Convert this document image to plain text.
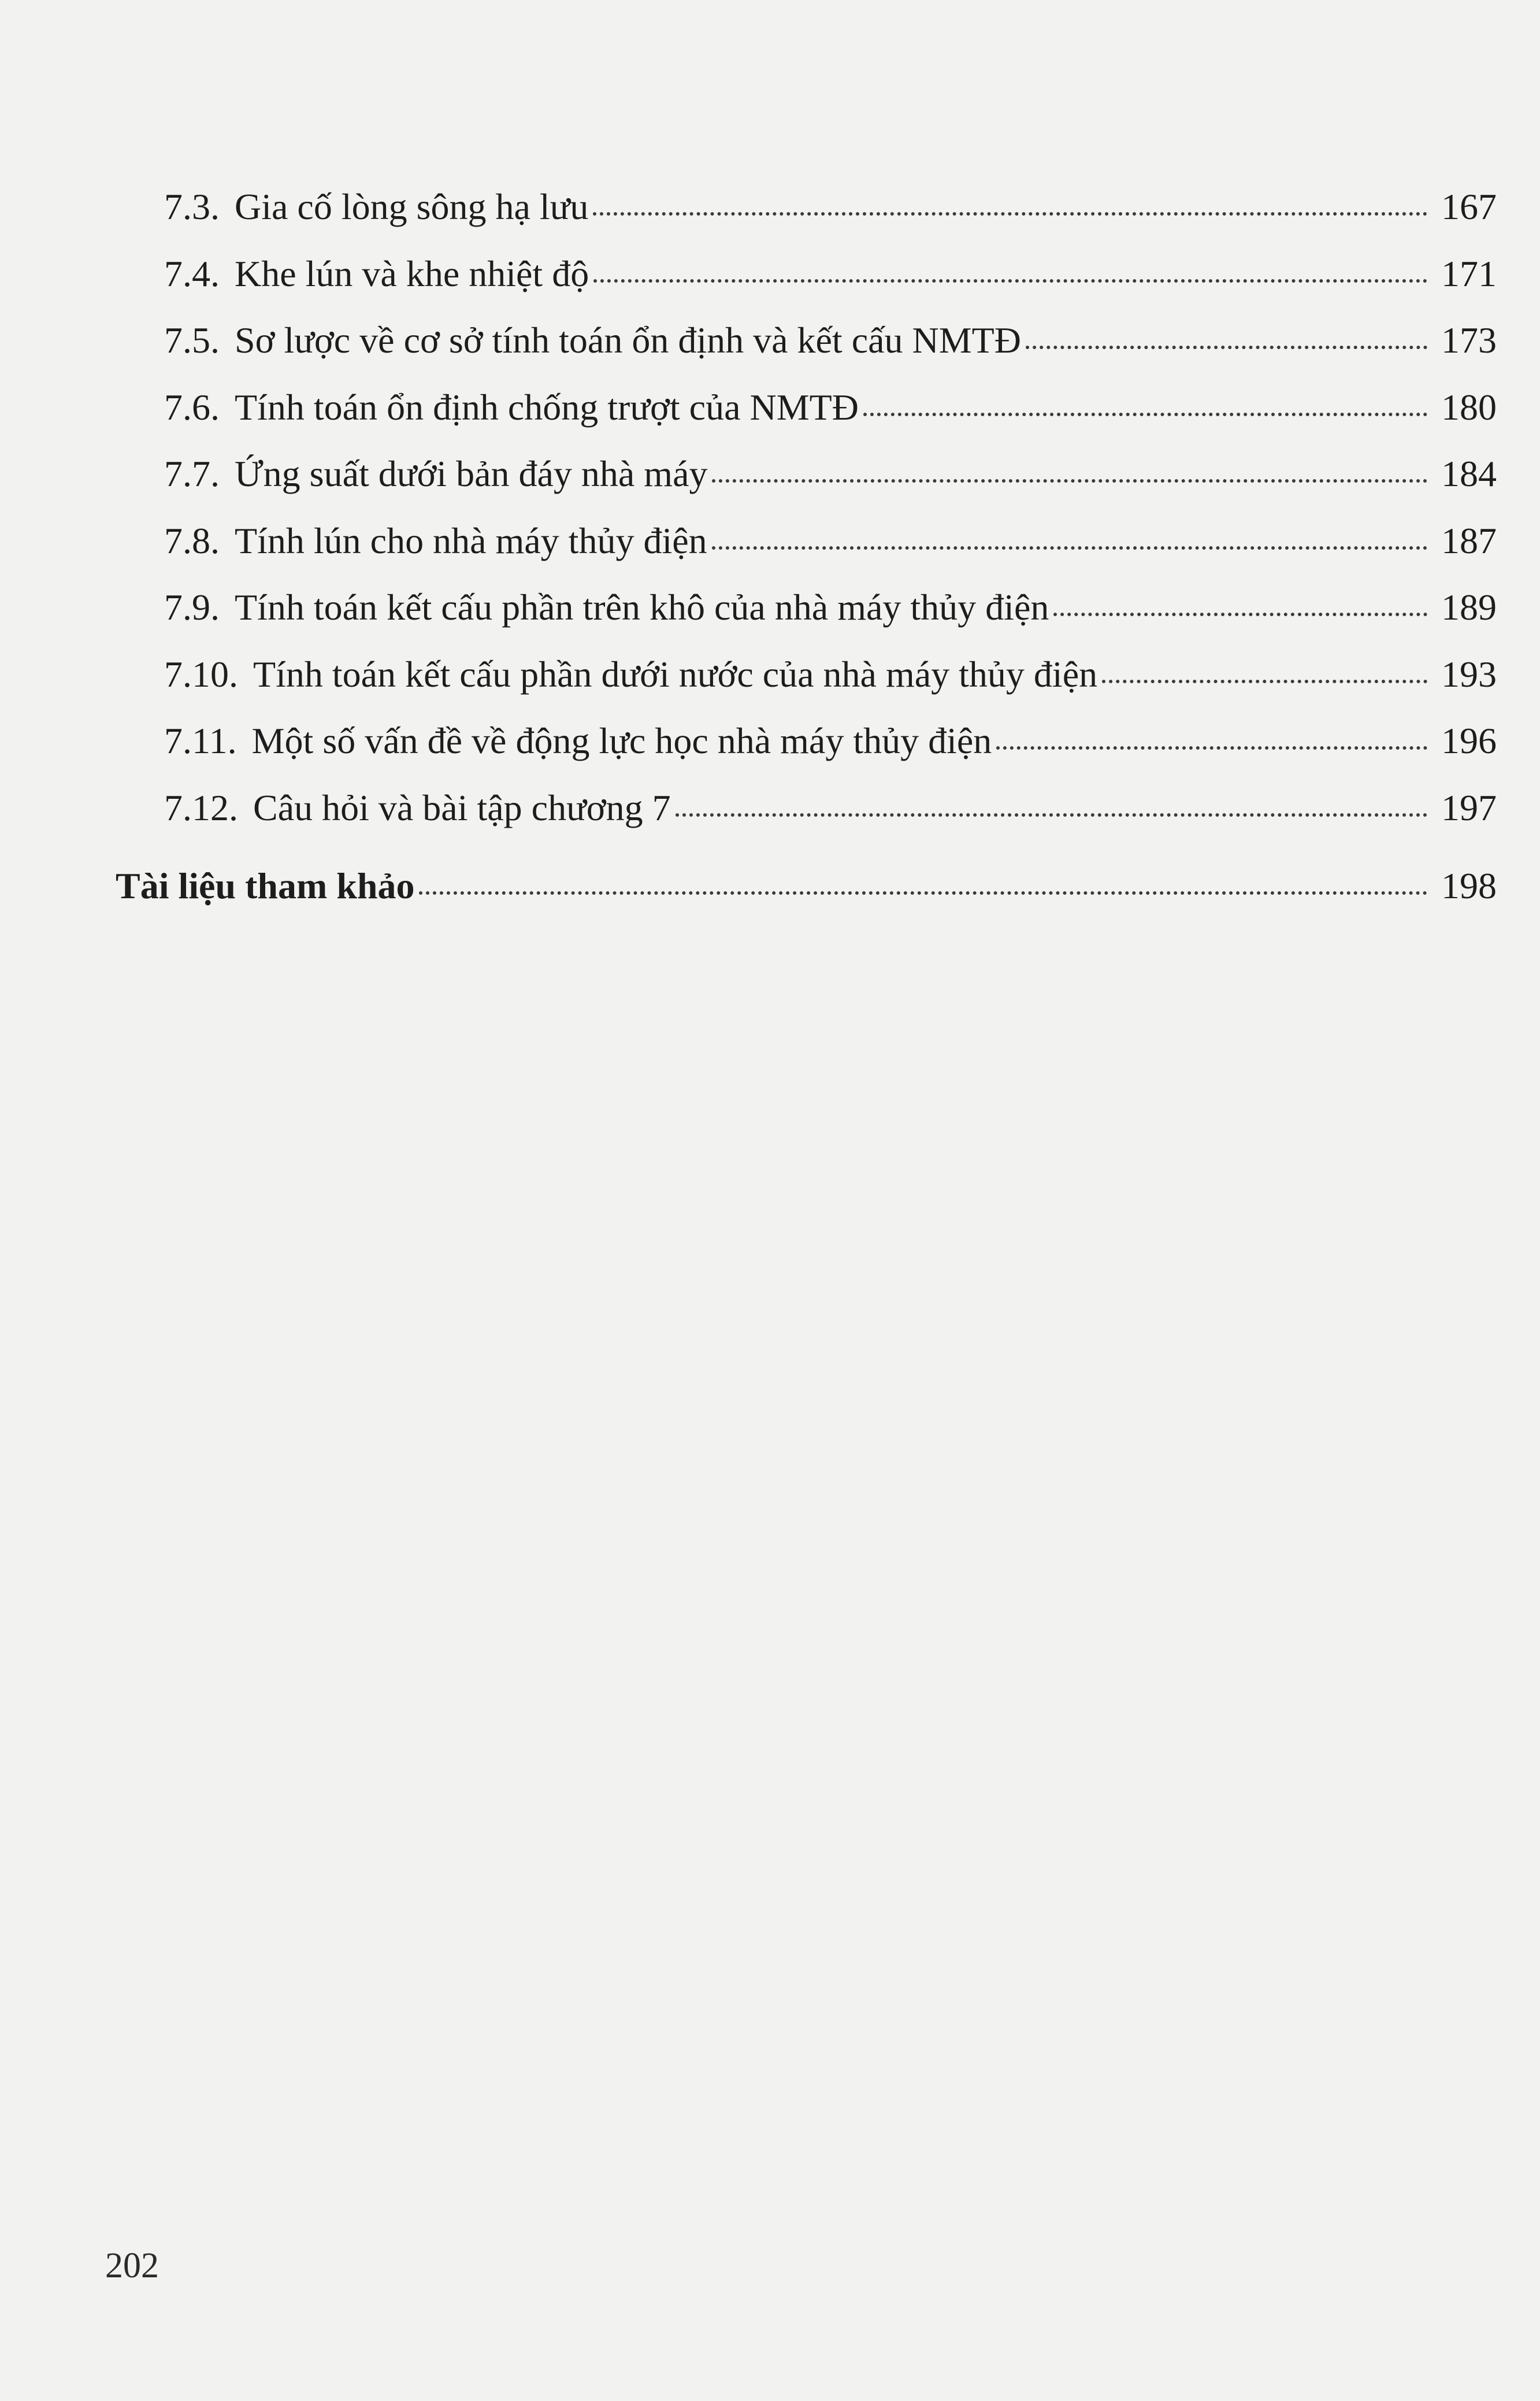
7.3. Gia cố lòng sông hạ lưu	167
7.4. Khe lún và khe nhiệt độ	171
7.5. Sơ lược về cơ sở tính toán ổn định và kết cấu NMTĐ	173
7.6. Tính toán ổn định chống trượt của NMTĐ	180
7.7. Ứng suất dưới bản đáy nhà máy	184
7.8. Tính lún cho nhà máy thủy điện	187
7.9. Tính toán kết cấu phần trên khô của nhà máy thủy điện	189
7.10. Tính toán kết cấu phần dưới nước của nhà máy thủy điện	193
7.11. Một số vấn đề về động lực học nhà máy thủy điện	196
7.12. Câu hỏi và bài tập chương 7	197
Tài liệu tham khảo	198
202
